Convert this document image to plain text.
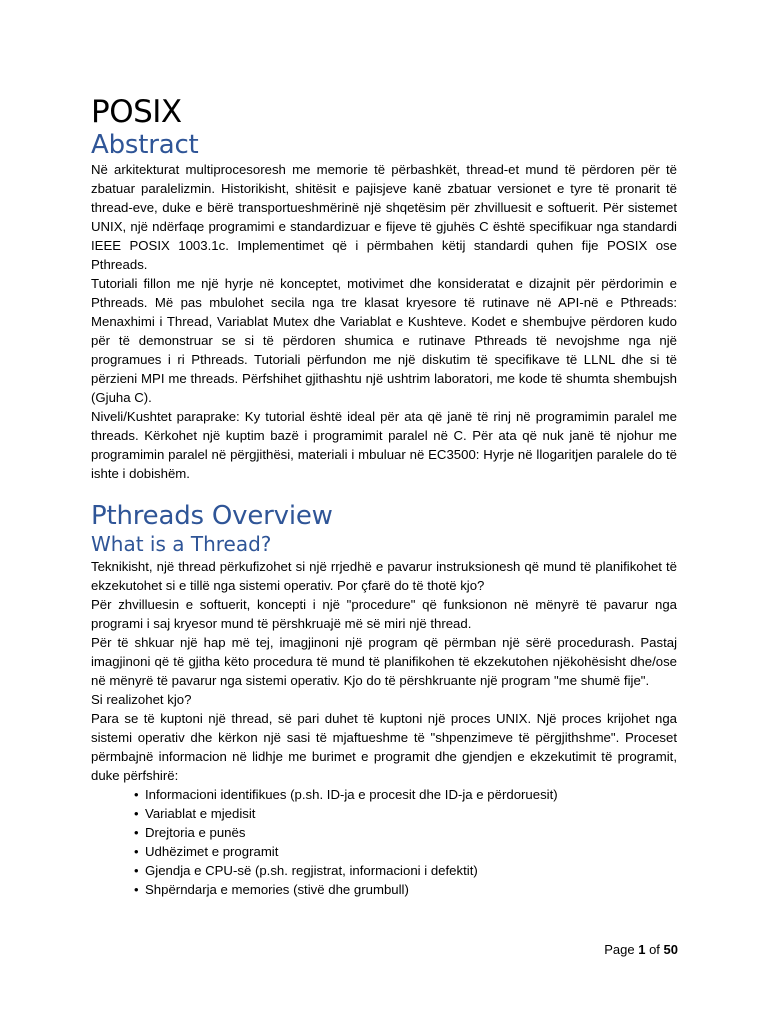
POSIX
Abstract

Në arkitekturat multiprocesoresh me memorie të përbashkët, thread-et mund të përdoren për të zbatuar paralelizmin. Historikisht, shitësit e pajisjeve kanë zbatuar versionet e tyre të pronarit të thread-eve, duke e bërë transportueshmërinë një shqetësim për zhvilluesit e softuerit. Për sistemet UNIX, një ndërfaqe programimi e standardizuar e fijeve të gjuhës C është specifikuar nga standardi IEEE POSIX 1003.1c. Implementimet që i përmbahen këtij standardi quhen fije POSIX ose Pthreads.

Tutoriali fillon me një hyrje në konceptet, motivimet dhe konsideratat e dizajnit për përdorimin e Pthreads. Më pas mbulohet secila nga tre klasat kryesore të rutinave në API-në e Pthreads: Menaxhimi i Thread, Variablat Mutex dhe Variablat e Kushteve. Kodet e shembujve përdoren kudo për të demonstruar se si të përdoren shumica e rutinave Pthreads të nevojshme nga një programues i ri Pthreads. Tutoriali përfundon me një diskutim të specifikave të LLNL dhe si të përzieni MPI me threads. Përfshihet gjithashtu një ushtrim laboratori, me kode të shumta shembujsh (Gjuha C).

Niveli/Kushtet paraprake: Ky tutorial është ideal për ata që janë të rinj në programimin paralel me threads. Kërkohet një kuptim bazë i programimit paralel në C. Për ata që nuk janë të njohur me programimin paralel në përgjithësi, materiali i mbuluar në EC3500: Hyrje në llogaritjen paralele do të ishte i dobishëm.

Pthreads Overview
What is a Thread?

Teknikisht, një thread përkufizohet si një rrjedhë e pavarur instruksionesh që mund të planifikohet të ekzekutohet si e tillë nga sistemi operativ. Por çfarë do të thotë kjo?

Për zhvilluesin e softuerit, koncepti i një "procedure" që funksionon në mënyrë të pavarur nga programi i saj kryesor mund të përshkruajë më së miri një thread.

Për të shkuar një hap më tej, imagjinoni një program që përmban një sërë procedurash. Pastaj imagjinoni që të gjitha këto procedura të mund të planifikohen të ekzekutohen njëkohësisht dhe/ose në mënyrë të pavarur nga sistemi operativ. Kjo do të përshkruante një program "me shumë fije".

Si realizohet kjo?

Para se të kuptoni një thread, së pari duhet të kuptoni një proces UNIX. Një proces krijohet nga sistemi operativ dhe kërkon një sasi të mjaftueshme të "shpenzimeve të përgjithshme". Proceset përmbajnë informacion në lidhje me burimet e programit dhe gjendjen e ekzekutimit të programit, duke përfshirë:

• Informacioni identifikues (p.sh. ID-ja e procesit dhe ID-ja e përdoruesit)
• Variablat e mjedisit
• Drejtoria e punës
• Udhëzimet e programit
• Gjendja e CPU-së (p.sh. regjistrat, informacioni i defektit)
• Shpërndarja e memories (stivë dhe grumbull)
Page 1 of 50
